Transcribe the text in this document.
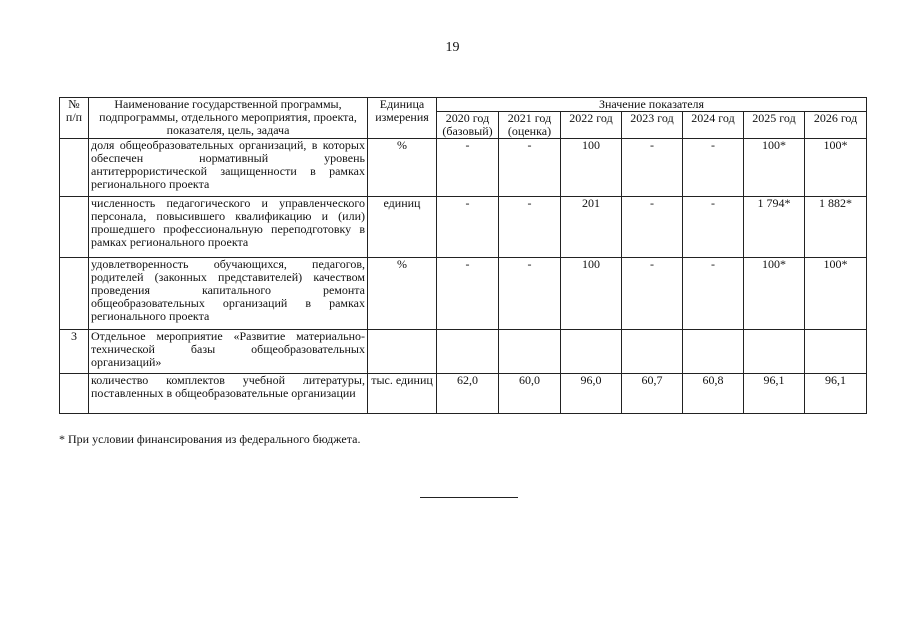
19
№ п/п	Наименование государственной программы, подпрограммы, отдельного мероприятия, проекта, показателя, цель, задача	Единица измерения	Значение показателя						
			2020 год (базовый)	2021 год (оценка)	2022 год	2023 год	2024 год	2025 год	2026 год
	доля общеобразовательных организаций, в которых обеспечен нормативный уровень антитеррористической защищенности в рамках регионального проекта	%	-	-	100	-	-	100*	100*
	численность педагогического и управленческого персонала, повысившего квалификацию и (или) прошедшего профессиональную переподготовку в рамках регионального проекта	единиц	-	-	201	-	-	1 794*	1 882*
	удовлетворенность обучающихся, педагогов, родителей (законных представителей) качеством проведения капитального ремонта общеобразовательных организаций в рамках регионального проекта	%	-	-	100	-	-	100*	100*
3	Отдельное мероприятие «Развитие материально-технической базы общеобразовательных организаций»								
	количество комплектов учебной литературы, поставленных в общеобразовательные организации	тыс. единиц	62,0	60,0	96,0	60,7	60,8	96,1	96,1
* При условии финансирования из федерального бюджета.
